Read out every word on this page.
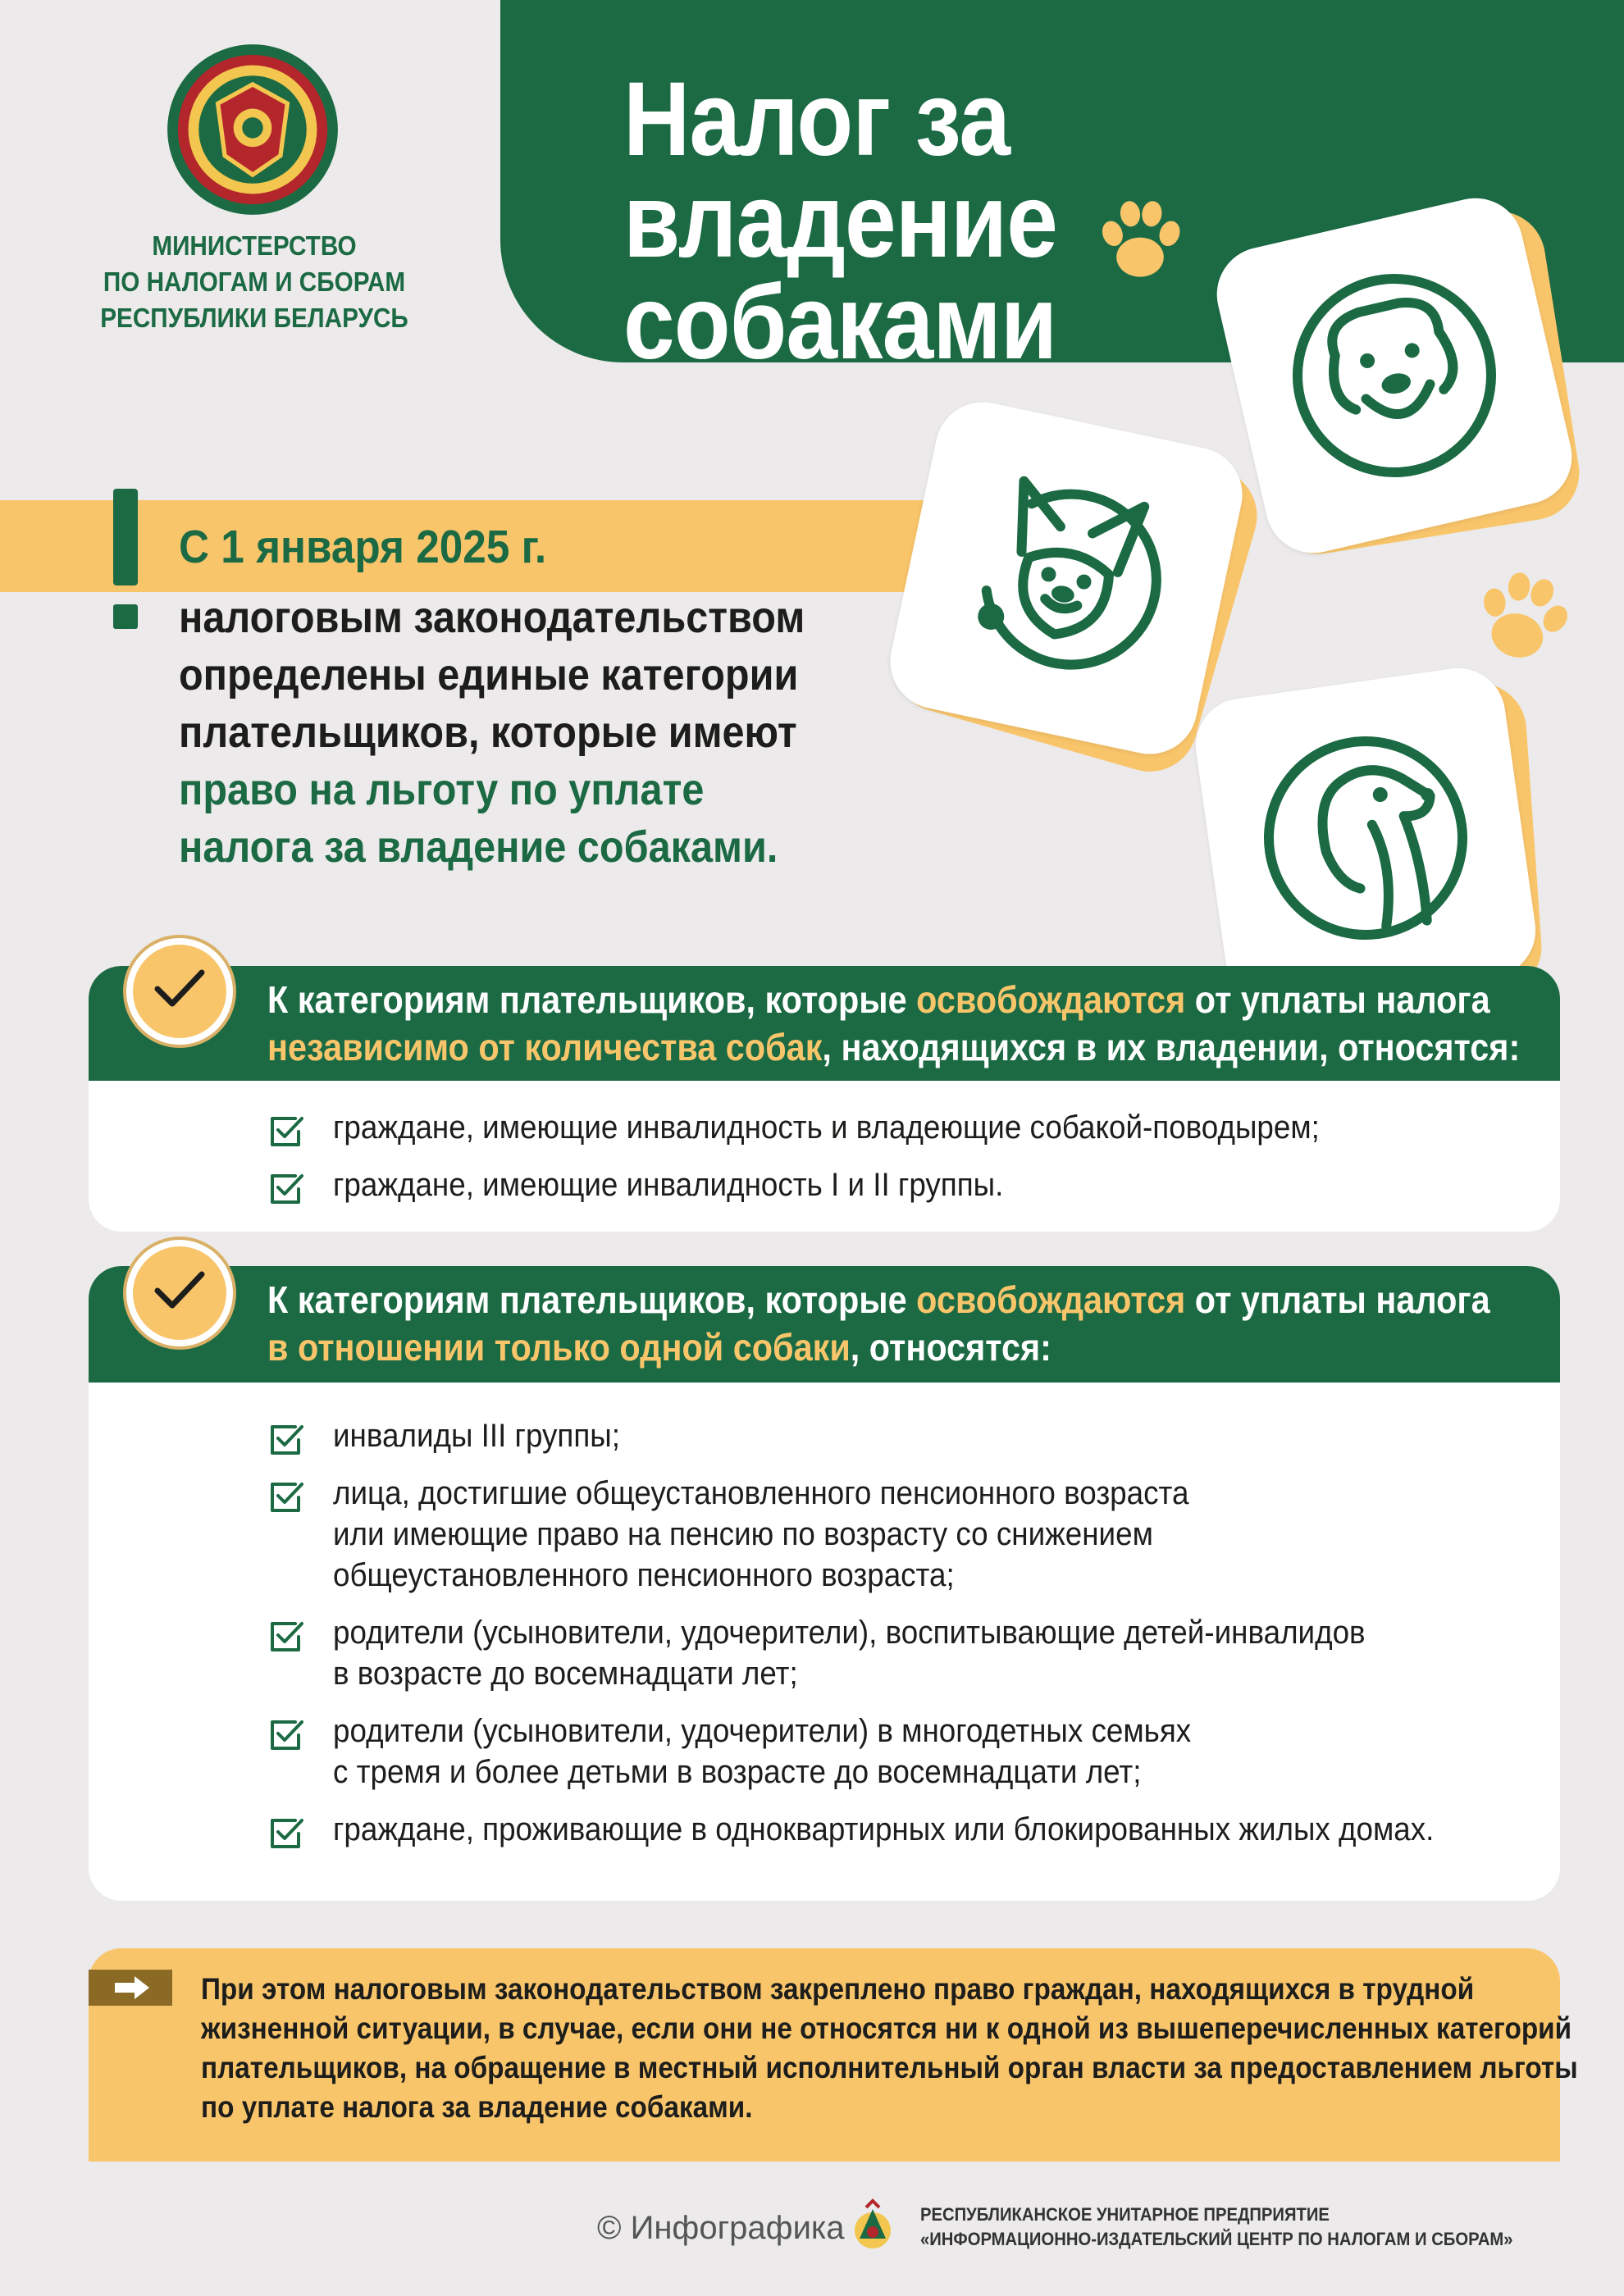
Налог за владение
собаками
МИНИСТЕРСТВО
ПО НАЛОГАМ И СБОРАМ
РЕСПУБЛИКИ БЕЛАРУСЬ
С 1 января 2025 г.
налоговым законодательством
определены единые категории
плательщиков, которые имеют
право на льготу по уплате
налога за владение собаками.
К категориям плательщиков, которые освобождаются от уплаты налога
независимо от количества собак, находящихся в их владении, относятся:
граждане, имеющие инвалидность и владеющие собакой-поводырем;
граждане, имеющие инвалидность I и II группы.
К категориям плательщиков, которые освобождаются от уплаты налога
в отношении только одной собаки, относятся:
инвалиды III группы;
лица, достигшие общеустановленного пенсионного возраста
или имеющие право на пенсию по возрасту со снижением
общеустановленного пенсионного возраста;
родители (усыновители, удочерители), воспитывающие детей-инвалидов
в возрасте до восемнадцати лет;
родители (усыновители, удочерители) в многодетных семьях
с тремя и более детьми в возрасте до восемнадцати лет;
граждане, проживающие в одноквартирных или блокированных жилых домах.
При этом налоговым законодательством закреплено право граждан, находящихся в трудной
жизненной ситуации, в случае, если они не относятся ни к одной из вышеперечисленных категорий
плательщиков, на обращение в местный исполнительный орган власти за предоставлением льготы
по уплате налога за владение собаками.
© Инфографика	РЕСПУБЛИКАНСКОЕ УНИТАРНОЕ ПРЕДПРИЯТИЕ
«ИНФОРМАЦИОННО-ИЗДАТЕЛЬСКИЙ ЦЕНТР ПО НАЛОГАМ И СБОРАМ»
